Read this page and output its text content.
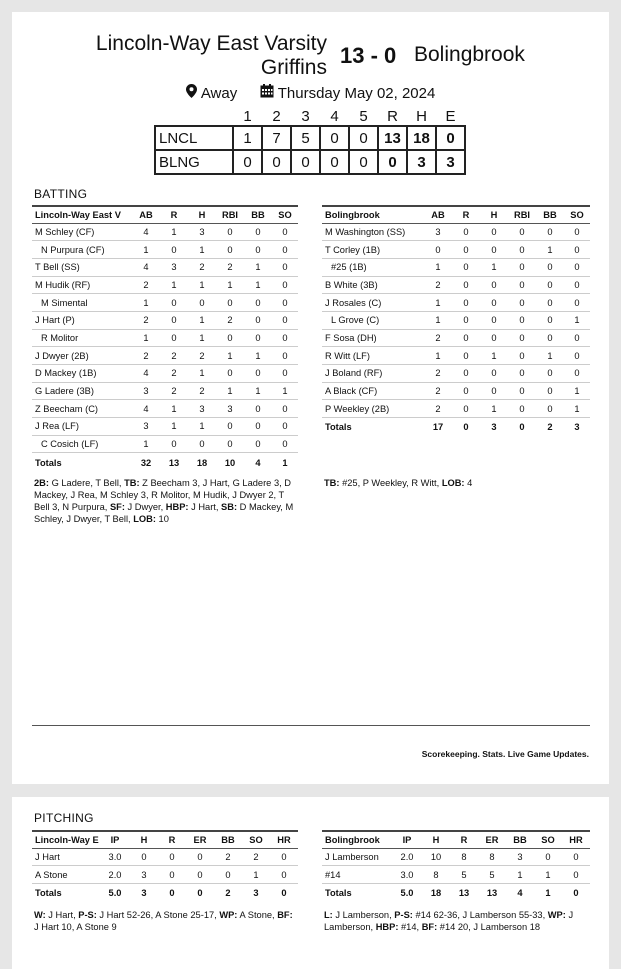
Lincoln-Way East Varsity
Griffins 13 - 0 Bolingbrook
Away	Thursday May 02, 2024
	1	2	3	4	5	R	H	E
LNCL	1	7	5	0	0	13	18	0
BLNG	0	0	0	0	0	0	3	3
BATTING
Lincoln-Way East V	AB	R	H	RBI	BB	SO
M Schley (CF)	4	1	3	0	0	0
N Purpura (CF)	1	0	1	0	0	0
T Bell (SS)	4	3	2	2	1	0
M Hudik (RF)	2	1	1	1	1	0
M Simental	1	0	0	0	0	0
J Hart (P)	2	0	1	2	0	0
R Molitor	1	0	1	0	0	0
J Dwyer (2B)	2	2	2	1	1	0
D Mackey (1B)	4	2	1	0	0	0
G Ladere (3B)	3	2	2	1	1	1
Z Beecham (C)	4	1	3	3	0	0
J Rea (LF)	3	1	1	0	0	0
C Cosich (LF)	1	0	0	0	0	0
Totals	32	13	18	10	4	1
Bolingbrook	AB	R	H	RBI	BB	SO
M Washington (SS)	3	0	0	0	0	0
T Corley (1B)	0	0	0	0	1	0
#25 (1B)	1	0	1	0	0	0
B White (3B)	2	0	0	0	0	0
J Rosales (C)	1	0	0	0	0	0
L Grove (C)	1	0	0	0	0	1
F Sosa (DH)	2	0	0	0	0	0
R Witt (LF)	1	0	1	0	1	0
J Boland (RF)	2	0	0	0	0	0
A Black (CF)	2	0	0	0	0	1
P Weekley (2B)	2	0	1	0	0	1
Totals	17	0	3	0	2	3
2B: G Ladere, T Bell, TB: Z Beecham 3, J Hart, G Ladere 3, D Mackey, J Rea, M Schley 3, R Molitor, M Hudik, J Dwyer 2, T Bell 3, N Purpura, SF: J Dwyer, HBP: J Hart, SB: D Mackey, M Schley, J Dwyer, T Bell, LOB: 10
TB: #25, P Weekley, R Witt, LOB: 4
Scorekeeping. Stats. Live Game Updates.
PITCHING
Lincoln-Way E	IP	H	R	ER	BB	SO	HR
J Hart	3.0	0	0	0	2	2	0
A Stone	2.0	3	0	0	0	1	0
Totals	5.0	3	0	0	2	3	0
Bolingbrook	IP	H	R	ER	BB	SO	HR
J Lamberson	2.0	10	8	8	3	0	0
#14	3.0	8	5	5	1	1	0
Totals	5.0	18	13	13	4	1	0
W: J Hart, P-S: J Hart 52-26, A Stone 25-17, WP: A Stone, BF: J Hart 10, A Stone 9
L: J Lamberson, P-S: #14 62-36, J Lamberson 55-33, WP: J Lamberson, HBP: #14, BF: #14 20, J Lamberson 18
